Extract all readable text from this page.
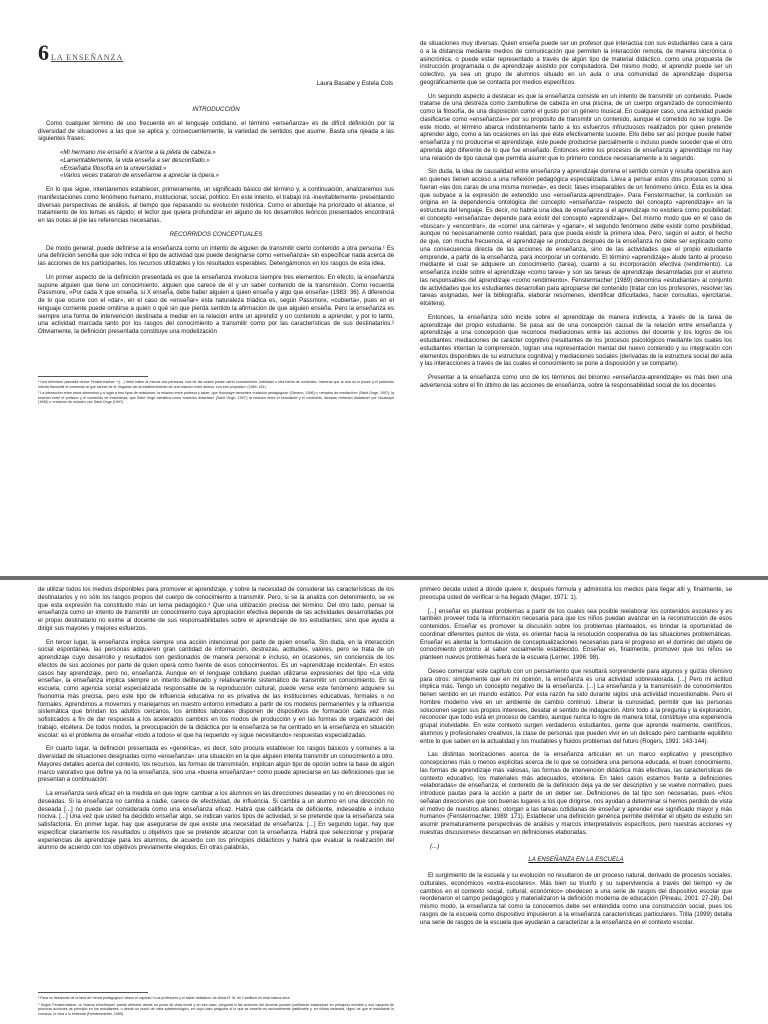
6 LA ENSEÑANZA
Laura Basabe y Estela Cols

INTRODUCCIÓN

Como cualquier término de uso frecuente en el lenguaje cotidiano, el término «enseñanza» es de difícil definición por la diversidad de situaciones a las que se aplica y, consecuentemente, la variedad de sentidos que asume. Basta una ojeada a las siguientes frases:

«Mi hermano me enseñó a tirarme a la pileta de cabeza.»
«Lamentablemente, la vida enseña a ser desconfiado.»
«Enseñaba filosofía en la universidad.»
«Varios veces trataron de enseñarme a apreciar la ópera.»

En lo que sigue, intentaremos establecer, primeramente, un significado básico del término y, a continuación, analizaremos sus manifestaciones como fenómeno humano, institucional, social, político. En este intento, el trabajo irá -inevitablemente- presentando diversas perspectivas de análisis, al tiempo que repasando su evolución histórica. Como el abordaje ha priorizado el alcance, el tratamiento de los temas es rápido; el lector que quiera profundizar en alguno de los desarrollos teóricos presentados encontrará en las notas al pie las referencias necesarias.

RECORRIDOS CONCEPTUALES

De modo general, puede definirse a la enseñanza como un intento de alguien de transmitir cierto contenido a otra persona.¹ Es una definición sencilla que sólo indica el tipo de actividad que puede designarse como «enseñanza» sin especificar nada acerca de las acciones de los participantes, los recursos utilizables y los resultados esperables. Detengámonos en los rasgos de esta idea.

Un primer aspecto de la definición presentada es que la enseñanza involucra siempre tres elementos. En efecto, la enseñanza supone alguien que tiene un conocimiento, alguien que carece de él y un saber contenido de la transmisión. Como recuerda Passmore, «Por cada X que enseña, si X enseña, debe haber alguien a quien enseña y algo que enseña» (1983: 36). A diferencia de lo que ocurre con el «dar», en el caso de «enseñar» esta naturaleza triádica es, según Passmore, «cubierta», pues en el lenguaje corriente puede omitirse a quién o qué sin que pierda sentido la afirmación de que alguien enseña. Pero la enseñanza es siempre una forma de intervención destinada a mediar en la relación entre un aprendiz y un contenido a aprender, y por lo tanto, una actividad marcada tanto por los rasgos del conocimiento a transmitir como por las características de sus destinatarios.² Obviamente, la definición presentada constituye una modelización

¹ Una definición parecida ofrece Fenstermacher: «(…) debe haber al menos dos personas, una de las cuales posee cierto conocimiento, habilidad u otra forma de contenido, mientras que la otra no lo posee y el poseedor intenta transmitir el contenido al que carece de él, llegando así al establecimiento de una relación entre ambos, con ese propósito» (1989: 151).
² La interacción entre estos elementos y a lugar a tres tipos de relaciones: la relación entre profesor y saber, que Houssaye denomina «relación pedagógica» (Gimeno, 1996) o «relación de mediación» (Saint Onge, 1997); la relación entre el profesor y el contenido de enseñanza, que Saint Onge identifica como «relación didáctica» (Saint Onge, 1997); la relación entre el estudiante y el contenido, llamada «relación didáctica» por Houssaye (1996) o «relación de estudio» por Saint Onge (1997).

de situaciones muy diversas. Quien enseña puede ser un profesor que interactúa con sus estudiantes cara a cara o a la distancia mediante medios de comunicación que permiten la interacción remota, de manera sincrónica o asincrónica, o puede estar representado a través de algún tipo de material didáctico, como una propuesta de instrucción programada o de aprendizaje asistido por computadora. Del mismo modo, el aprendiz puede ser un colectivo, ya sea un grupo de alumnos situado en un aula o una comunidad de aprendizaje dispersa geográficamente que se contacta por medios específicos.

Un segundo aspecto a destacar es que la enseñanza consiste en un intento de transmitir un contenido. Puede tratarse de una destreza como zambullirse de cabeza en una piscina, de un cuerpo organizado de conocimiento como la filosofía, de una disposición como el gusto por un género musical. En cualquier caso, una actividad puede clasificarse como «enseñanza»» por su propósito de transmitir un contenido, aunque el cometido no se logre. De este modo, el término abarca indistintamente tanto a los esfuerzos infructuosos realizados por quien pretende aprender algo, como a las ocasiones en las que éste efectivamente sucede. Ello debe ser así porque puede haber enseñanza y no producirse el aprendizaje, éste puede producirse parcialmente o incluso puede suceder que el otro aprenda algo diferente de lo que fue enseñado. Entonces entre los procesos de enseñanza y aprendizaje no hay una relación de tipo causal que permita asumir que lo primero conduce necesariamente a lo segundo.

Sin duda, la idea de causalidad entre enseñanza y aprendizaje domina el sentido común y resulta operativa aun en quienes tienen acceso a una reflexión pedagógica especializada. Lleva a pensar estos dos procesos como si fueran «las dos caras de una misma moneda», es decir, fases inseparables de un fenómeno único. Ésta es la idea que subyace a la expresión de extendido uso «enseñanza-aprendizaje». Para Fenstermacher, la confusión se origina en la dependencia ontológica del concepto «enseñanza» respecto del concepto «aprendizaje» en la estructura del lenguaje. Es decir, no habría una idea de enseñanza si el aprendizaje no existiera como posibilidad; el concepto «enseñanza» depende para existir del concepto «aprendizaje». Del mismo modo que en el caso de «buscar» y «encontrar», de «correr una carrera» y «ganar», el segundo fenómeno debe existir como posibilidad, aunque no necesariamente como realidad, para que pueda existir la primera idea. Pero, según el autor, el hecho de que, con mucha frecuencia, el aprendizaje se produzca después de la enseñanza no debe ser explicado como una consecuencia directa de las acciones de enseñanza, sino de las actividades que el propio estudiante emprende, a partir de la enseñanza, para incorporar un contenido. El término «aprendizaje» alude tanto al proceso mediante el cual se adquiere un conocimiento (tarea), cuanto a su incorporación efectiva (rendimiento). La enseñanza incide sobre el aprendizaje «como tarea» y son las tareas de aprendizaje desarrolladas por el alumno las responsables del aprendizaje «como rendimiento». Fenstermacher (1989) denomina «estudiantar» al conjunto de actividades que los estudiantes desarrollan para apropiarse del contenido (tratar con los profesores, resolver las tareas asignadas, leer la bibliografía, elaborar resúmenes, identificar dificultades, hacer consultas, ejercitarse, etcétera).

Entonces, la enseñanza sólo incide sobre el aprendizaje de manera indirecta, a través de la tarea de aprendizaje del propio estudiante. Se pasa así de una concepción causal de la relación entre enseñanza y aprendizaje a una concepción que reconoce mediaciones entre las acciones del docente y los logros de los estudiantes: mediaciones de carácter cognitivo (resultantes de los procesos psicológicos mediante los cuales los estudiantes intentan la comprensión, logran una representación mental del nuevo contenido y su integración con elementos disponibles de su estructura cognitiva) y mediaciones sociales (derivadas de la estructura social del aula y las interacciones a través de las cuales el conocimiento se pone a disposición y se comparte).

Presentar a la enseñanza como uno de los términos del binomio «enseñanza-aprendizaje» es más bien una advertencia sobre el fin último de las acciones de enseñanza, sobre la responsabilidad social de los docentes

de utilizar todos los medios disponibles para promover el aprendizaje, y sobre la necesidad de considerar las características de los destinatarios y no sólo los rasgos propios del cuerpo de conocimiento a transmitir. Pero, si se la analiza con detenimiento, se ve que esta expresión ha constituido más un lema pedagógico.³ Que una utilización precisa del término. Del otro lado, pensar la enseñanza como un intento de transmitir un conocimiento cuya apropiación efectiva depende de las actividades desarrolladas por el propio destinatario no exime al docente de sus responsabilidades sobre el aprendizaje de los estudiantes; sino que ayuda a dirigir sus mayores y mejores esfuerzos.

En tercer lugar, la enseñanza implica siempre una acción intencional por parte de quien enseña. Sin duda, en la interacción social espontánea, las personas adquieren gran cantidad de información, destrezas, actitudes, valores, pero se trata de un aprendizaje cuyo desarrollo y resultados son gestionados de manera personal e incluso, en ocasiones, sin conciencia de los efectos de sus acciones por parte de quien opera como fuente de esos conocimientos. Es un «aprendizaje incidental». En estos casos hay aprendizaje, pero no, enseñanza. Aunque en el lenguaje cotidiano puedan utilizarse expresiones del tipo «La vida enseña», la enseñanza implica siempre un intento deliberado y relativamente sistemático de transmitir un conocimiento. En la escuela, como agencia social especializada responsable de la reproducción cultural, puede verse este fenómeno adquiere su fisonomía más precisa, pero este tipo de influencia educativa no es privativa de las instituciones educativas, formales o no formales. Aprendimos a movernos y manejarnos en nuestro entorno inmediato a partir de los modelos permanentes y la influencia sistemática que brindan los adultos cercanos, los ámbitos laborales disponen de dispositivos de formación cada vez más sofisticados a fin de dar respuesta a los acelerados cambios en los modos de producción y en las formas de organización del trabajo, etcétera. De todos modos, la preocupación de la didáctica por la enseñanza se ha centrado en la enseñanza en situación escolar: es el problema de enseñar «todo a todos» el que ha requerido «y sigue necesitando» respuestas especializadas.

En cuarto lugar, la definición presentada es «genérica», es decir, sólo procura establecer los rasgos básicos y comunes a la diversidad de situaciones designadas como «enseñanza»: una situación en la que alguien intenta transmitir un conocimiento a otro. Mayores detalles acerca del contexto, los recursos, las formas de transmisión, implican algún tipo de opción sobre la base de algún marco valorativo que define ya no la enseñanza, sino una «buena enseñanza»⁴ como puede apreciarse en las definiciones que se presentan a continuación:

La enseñanza será eficaz en la medida en que logre: cambiar a los alumnos en las direcciones deseadas y no en direcciones no deseadas. Si la enseñanza no cambia a nadie, carece de efectividad, de influencia. Si cambia a un alumno en una dirección no deseada [...] no puede ser considerada como una enseñanza eficaz. Habrá que calificarla de deficiente, indeseable e incluso nociva. [...] Una vez que usted ha decidido enseñar algo, se indican varios tipos de actividad, si se pretende que la enseñanza sea satisfactoria. En primer lugar, hay que asegurarse de que existe una necesidad de enseñanza. [...] En segundo lugar, hay que especificar claramente los resultados u objetivos que se pretende alcanzar con la enseñanza. Habrá que seleccionar y preparar experiencias de aprendizaje para los alumnos, de acuerdo con los principios didácticos y habrá que evaluar la realización del alumno de acuerdo con los objetivos previamente elegidos. En otras palabras,

³ Para un desarrollo de la idea de «lema pedagógico» véase el capítulo «Los profesores y el saber didáctico» de Alicia R. W. de Camilloni en esta misma obra.
⁴ Según Fenstermacher, la «buena enseñanza» puede definirse desde un punto de vista moral y en ese caso, pregunta si las acciones del docente pueden justificarse basándose en principios morales y son capaces de provocar acciones de principio en los estudiantes; o desde un punto de vista epistemológico, en cuyo caso pregunta si lo que se enseña es racionalmente justificable y, en última instancia, digno de que el estudiante lo conozca, lo crea o lo entienda (Fenstermacher, 1989).

primero decide usted a dónde quiere ir, después formula y administra los medios para llegar allí y, finalmente, se preocupa usted de verificar si ha llegado (Mager, 1971: 1).

[...] enseñar es plantear problemas a partir de los cuales sea posible reelaborar los contenidos escolares y es también proveer toda la información necesaria para que los niños puedan avanzar en la reconstrucción de esos contenidos. Enseñar es promover la discusión sobre los problemas planteados, es brindar la oportunidad de coordinar diferentes puntos de vista, es orientar hacia la resolución cooperativa de las situaciones problemáticas. Enseñar es alentar la formulación de conceptualizaciones necesarias para el progreso en el dominio del objeto de conocimiento próximo al saber socialmente establecido. Enseñar es, finalmente, promover que los niños se planteen nuevos problemas fuera de la escuela (Lerner, 1996: 98).

Deseo comenzar este capítulo con un pensamiento que resultará sorprendente para algunos y quizás ofensivo para otros: simplemente que en mi opinión, la enseñanza es una actividad sobrevalorada. [...] Pero mi actitud implica más. Tengo un concepto negativo de la enseñanza. [...] La enseñanza y la transmisión de conocimientos tienen sentido en un mundo estático. Por esta razón ha sido durante siglos una actividad incuestionable. Pero el hombre moderno vive en un ambiente de cambio continuo. Liberar la curiosidad, permitir que las personas solucionen según sus propios intereses, desatar el sentido de indagación. Abrir todo a la pregunta y la exploración, reconocer que todo está en proceso de cambio, aunque nunca lo logre de manera total, constituye una experiencia grupal inolvidable. En este contexto surgen verdaderos estudiantes, gente que aprende realmente, científicos, alumnos y profesionales creativos, la clase de personas que pueden vivir en un delicado pero cambiante equilibrio entre lo que saben en la actualidad y los mudables y fluidos problemas del futuro (Rogers, 1991: 143-144).

Las distintas teorizaciones acerca de la enseñanza articulan en un marco explicativo y prescriptivo concepciones más o menos explícitas acerca de lo que se considera una persona educada, el buen conocimiento, las formas de aprendizaje más valiosas, las formas de intervención didáctica más efectivas, las características de contexto educativo, los materiales más adecuados, etcétera. En tales casos estamos frente a definiciones «elaboradas» de enseñanza; el contenido de la definición deja ya de ser descriptivo y se vuelve normativo, pues introduce pautas para la acción a partir de un deber ser. Definiciones de tal tipo son necesarias, pues «Nos señalan direcciones que son buenas lugares a los que dirigirse, nos ayudan a determinar si hemos perdido de vista el motivo de nuestros afanes; otorgan a las tareas cotidianas de enseñar y aprender ese significado mayor y más humano» (Fenstermacher, 1989: 171). Establecer una definición genérica permite delimitar el objeto de estudio sin asumir prematuramente perspectivas de análisis y marcos interpretativos específicos, pero nuestras acciones «y nuestras discusiones» descansan en definiciones elaboradas.

(...)

LA ENSEÑANZA EN LA ESCUELA

El surgimiento de la escuela y su evolución no resultaron de un proceso natural, derivado de procesos sociales, culturales, económicos «extra-escolares». Más bien su triunfo y su supervivencia a través del tiempo «y de cambios en el contexto social, cultural, económico» obedecen a una serie de rasgos del dispositivo escolar que reordenaron el campo pedagógico y materializaron la definición moderna de educación (Pineau, 2001: 27-28). Del mismo modo, la enseñanza tal como la conocemos debe ser entendida como una construcción social, pues los rasgos de la escuela como dispositivo impusieron a la enseñanza características particulares. Trilla (1999) detalla una serie de rasgos de la escuela que ayudarán a caracterizar a la enseñanza en el contexto escolar.
